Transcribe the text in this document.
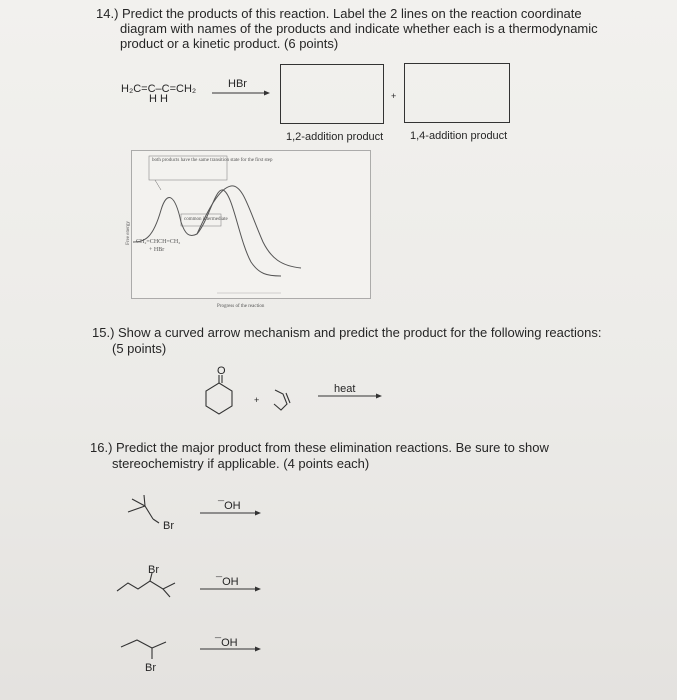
14.) Predict the products of this reaction. Label the 2 lines on the reaction coordinate
diagram with names of the products and indicate whether each is a thermodynamic
product or a kinetic product. (6 points)
H₂C=C–C=CH₂
H H
HBr
+
1,2-addition product 1,4-addition product
both products have the same transition state for the first step
common intermediate
CH₂=CHCH=CH₂
+ HBr
Free energy
Progress of the reaction
15.) Show a curved arrow mechanism and predict the product for the following reactions:
(5 points)
O
+
heat
16.) Predict the major product from these elimination reactions. Be sure to show
stereochemistry if applicable. (4 points each)
Br
¯OH
Br
¯OH
Br
¯OH
